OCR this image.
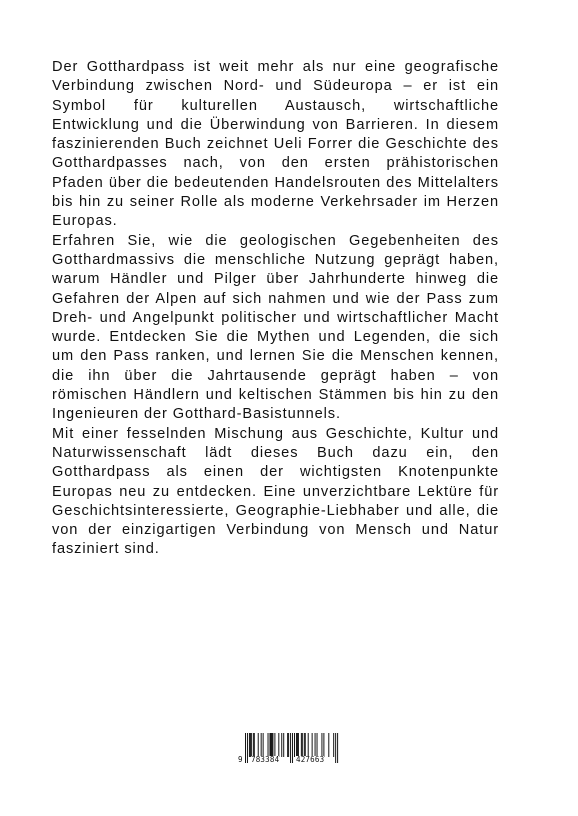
Der Gotthardpass ist weit mehr als nur eine geografische Verbindung zwischen Nord- und Südeuropa – er ist ein Symbol für kulturellen Austausch, wirtschaftliche Entwicklung und die Überwindung von Barrieren. In diesem faszinierenden Buch zeichnet Ueli Forrer die Geschichte des Gotthardpasses nach, von den ersten prähistorischen Pfaden über die bedeutenden Handelsrouten des Mittelalters bis hin zu seiner Rolle als moderne Verkehrsader im Herzen Europas.

Erfahren Sie, wie die geologischen Gegebenheiten des Gotthardmassivs die menschliche Nutzung geprägt haben, warum Händler und Pilger über Jahrhunderte hinweg die Gefahren der Alpen auf sich nahmen und wie der Pass zum Dreh- und Angelpunkt politischer und wirtschaftlicher Macht wurde. Entdecken Sie die Mythen und Legenden, die sich um den Pass ranken, und lernen Sie die Menschen kennen, die ihn über die Jahrtausende geprägt haben – von römischen Händlern und keltischen Stämmen bis hin zu den Ingenieuren der Gotthard-Basistunnels.

Mit einer fesselnden Mischung aus Geschichte, Kultur und Naturwissenschaft lädt dieses Buch dazu ein, den Gotthardpass als einen der wichtigsten Knotenpunkte Europas neu zu entdecken. Eine unverzichtbare Lektüre für Geschichtsinteressierte, Geographie-Liebhaber und alle, die von der einzigartigen Verbindung von Mensch und Natur fasziniert sind.

9 783384 427663
